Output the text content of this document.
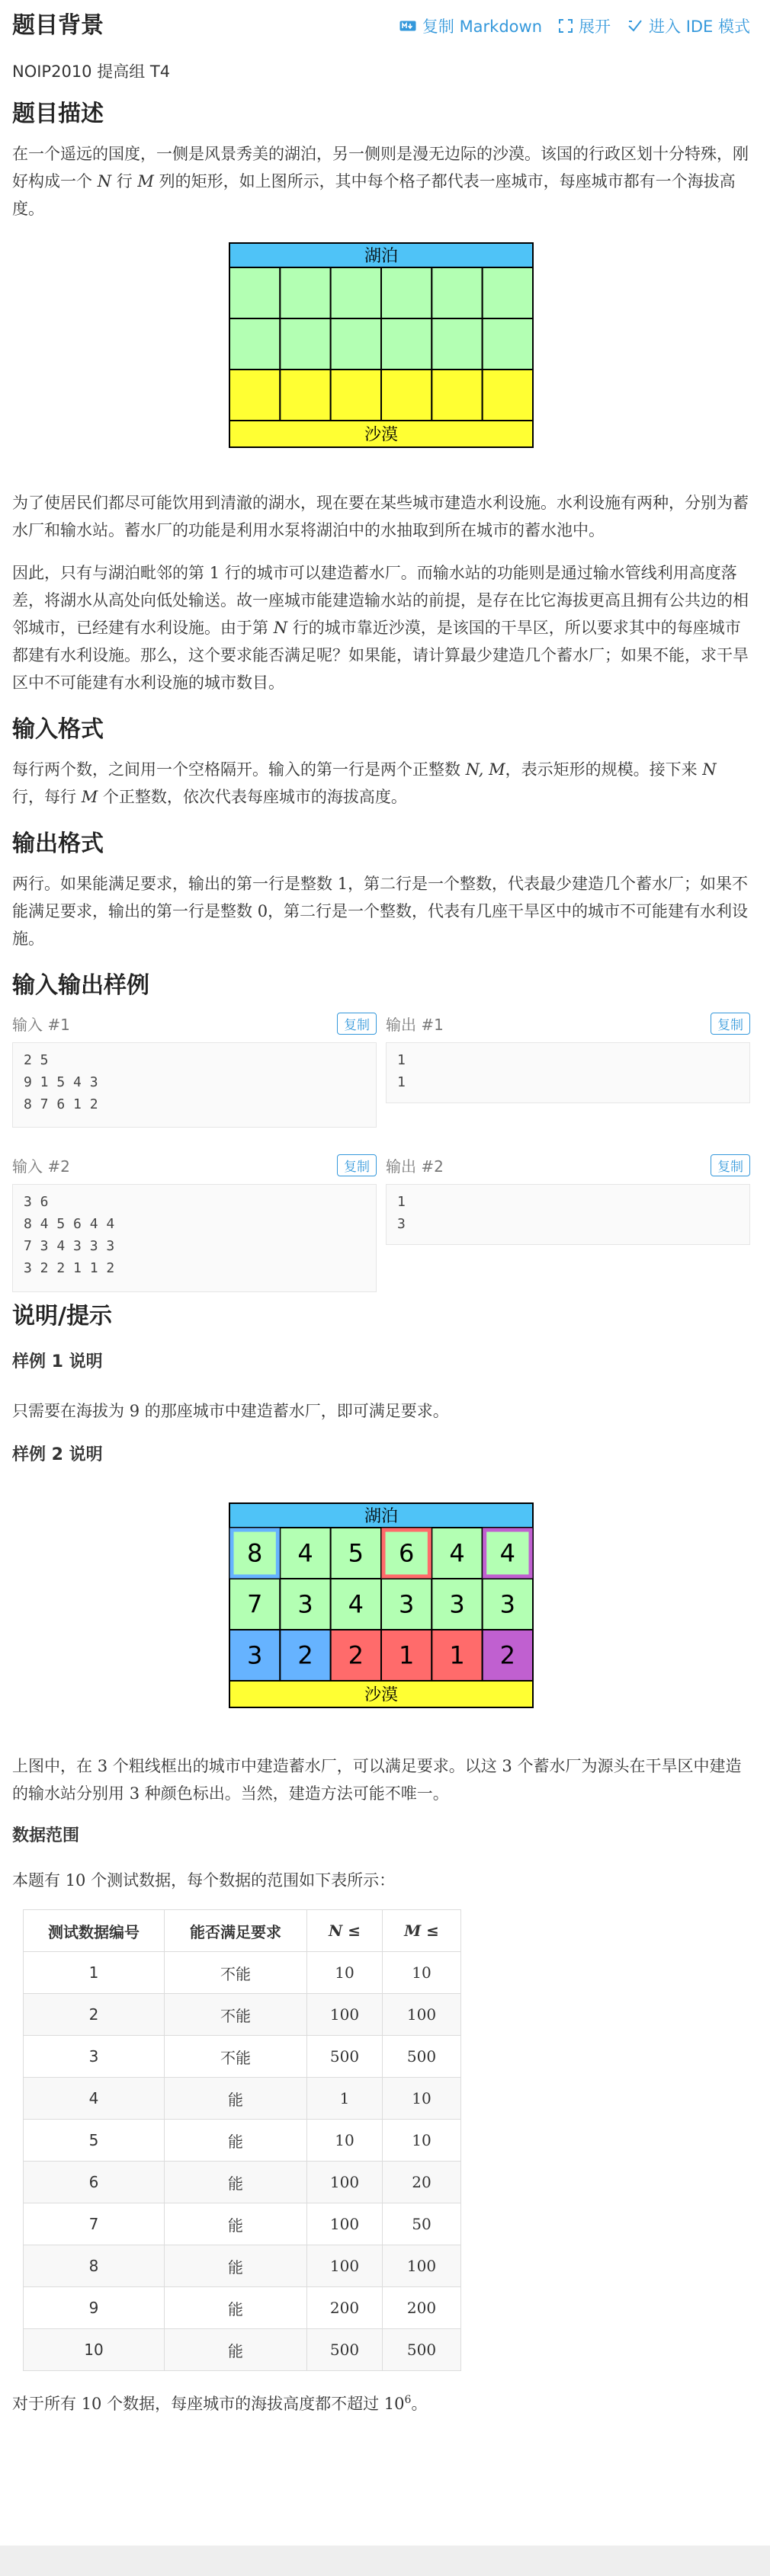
题目背景	复制 Markdown 展开 进入 IDE 模式

NOIP2010 提高组 T4

题目描述

在一个遥远的国度，一侧是风景秀美的湖泊，另一侧则是漫无边际的沙漠。该国的行政区划十分特殊，刚好构成一个 N 行 M 列的矩形，如上图所示，其中每个格子都代表一座城市，每座城市都有一个海拔高度。

湖泊
沙漠

为了使居民们都尽可能饮用到清澈的湖水，现在要在某些城市建造水利设施。水利设施有两种，分别为蓄水厂和输水站。蓄水厂的功能是利用水泵将湖泊中的水抽取到所在城市的蓄水池中。

因此，只有与湖泊毗邻的第 1 行的城市可以建造蓄水厂。而输水站的功能则是通过输水管线利用高度落差，将湖水从高处向低处输送。故一座城市能建造输水站的前提，是存在比它海拔更高且拥有公共边的相邻城市，已经建有水利设施。由于第 N 行的城市靠近沙漠，是该国的干旱区，所以要求其中的每座城市都建有水利设施。那么，这个要求能否满足呢？如果能，请计算最少建造几个蓄水厂；如果不能，求干旱区中不可能建有水利设施的城市数目。

输入格式

每行两个数，之间用一个空格隔开。输入的第一行是两个正整数 N, M，表示矩形的规模。接下来 N 行，每行 M 个正整数，依次代表每座城市的海拔高度。

输出格式

两行。如果能满足要求，输出的第一行是整数 1，第二行是一个整数，代表最少建造几个蓄水厂；如果不能满足要求，输出的第一行是整数 0，第二行是一个整数，代表有几座干旱区中的城市不可能建有水利设施。

输入输出样例
输入 #1	复制
2 5
9 1 5 4 3
8 7 6 1 2
输出 #1	复制
1
1
输入 #2	复制
3 6
8 4 5 6 4 4
7 3 4 3 3 3
3 2 2 1 1 2
输出 #2	复制
1
3
说明/提示

样例 1 说明

只需要在海拔为 9 的那座城市中建造蓄水厂，即可满足要求。

样例 2 说明

湖泊
8 4 5 6 4 4
7 3 4 3 3 3
3 2 2 1 1 2
沙漠

上图中，在 3 个粗线框出的城市中建造蓄水厂，可以满足要求。以这 3 个蓄水厂为源头在干旱区中建造的输水站分别用 3 种颜色标出。当然，建造方法可能不唯一。

数据范围

本题有 10 个测试数据，每个数据的范围如下表所示：

测试数据编号	能否满足要求	N ≤	M ≤
1	不能	10	10
2	不能	100	100
3	不能	500	500
4	能	1	10
5	能	10	10
6	能	100	20
7	能	100	50
8	能	100	100
9	能	200	200
10	能	500	500

对于所有 10 个数据，每座城市的海拔高度都不超过 $10^6$。
